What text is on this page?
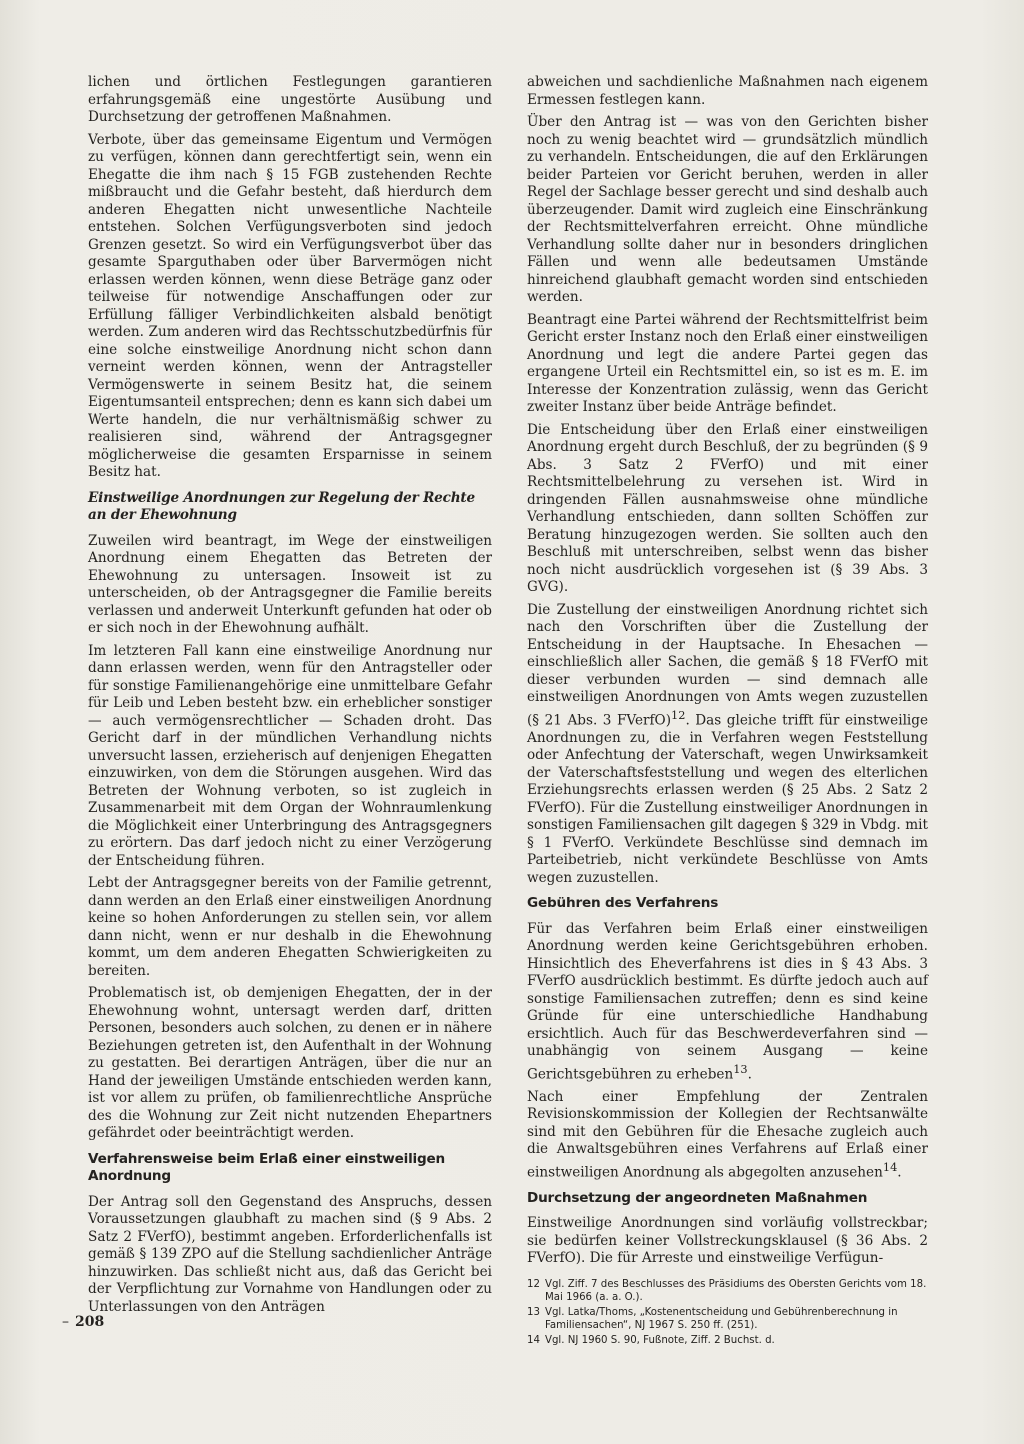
lichen und örtlichen Festlegungen garantieren erfahrungsgemäß eine ungestörte Ausübung und Durchsetzung der getroffenen Maßnahmen.

Verbote, über das gemeinsame Eigentum und Vermögen zu verfügen, können dann gerechtfertigt sein, wenn ein Ehegatte die ihm nach § 15 FGB zustehenden Rechte mißbraucht und die Gefahr besteht, daß hierdurch dem anderen Ehegatten nicht unwesentliche Nachteile entstehen. Solchen Verfügungsverboten sind jedoch Grenzen gesetzt. So wird ein Verfügungsverbot über das gesamte Sparguthaben oder über Barvermögen nicht erlassen werden können, wenn diese Beträge ganz oder teilweise für notwendige Anschaffungen oder zur Erfüllung fälliger Verbindlichkeiten alsbald benötigt werden. Zum anderen wird das Rechtsschutzbedürfnis für eine solche einstweilige Anordnung nicht schon dann verneint werden können, wenn der Antragsteller Vermögenswerte in seinem Besitz hat, die seinem Eigentumsanteil entsprechen; denn es kann sich dabei um Werte handeln, die nur verhältnismäßig schwer zu realisieren sind, während der Antragsgegner möglicherweise die gesamten Ersparnisse in seinem Besitz hat.

Einstweilige Anordnungen zur Regelung der Rechte an der Ehewohnung

Zuweilen wird beantragt, im Wege der einstweiligen Anordnung einem Ehegatten das Betreten der Ehewohnung zu untersagen. Insoweit ist zu unterscheiden, ob der Antragsgegner die Familie bereits verlassen und anderweit Unterkunft gefunden hat oder ob er sich noch in der Ehewohnung aufhält.

Im letzteren Fall kann eine einstweilige Anordnung nur dann erlassen werden, wenn für den Antragsteller oder für sonstige Familienangehörige eine unmittelbare Gefahr für Leib und Leben besteht bzw. ein erheblicher sonstiger — auch vermögensrechtlicher — Schaden droht. Das Gericht darf in der mündlichen Verhandlung nichts unversucht lassen, erzieherisch auf denjenigen Ehegatten einzuwirken, von dem die Störungen ausgehen. Wird das Betreten der Wohnung verboten, so ist zugleich in Zusammenarbeit mit dem Organ der Wohnraumlenkung die Möglichkeit einer Unterbringung des Antragsgegners zu erörtern. Das darf jedoch nicht zu einer Verzögerung der Entscheidung führen.

Lebt der Antragsgegner bereits von der Familie getrennt, dann werden an den Erlaß einer einstweiligen Anordnung keine so hohen Anforderungen zu stellen sein, vor allem dann nicht, wenn er nur deshalb in die Ehewohnung kommt, um dem anderen Ehegatten Schwierigkeiten zu bereiten.

Problematisch ist, ob demjenigen Ehegatten, der in der Ehewohnung wohnt, untersagt werden darf, dritten Personen, besonders auch solchen, zu denen er in nähere Beziehungen getreten ist, den Aufenthalt in der Wohnung zu gestatten. Bei derartigen Anträgen, über die nur an Hand der jeweiligen Umstände entschieden werden kann, ist vor allem zu prüfen, ob familienrechtliche Ansprüche des die Wohnung zur Zeit nicht nutzenden Ehepartners gefährdet oder beeinträchtigt werden.

Verfahrensweise beim Erlaß einer einstweiligen Anordnung

Der Antrag soll den Gegenstand des Anspruchs, dessen Voraussetzungen glaubhaft zu machen sind (§ 9 Abs. 2 Satz 2 FVerfO), bestimmt angeben. Erforderlichenfalls ist gemäß § 139 ZPO auf die Stellung sachdienlicher Anträge hinzuwirken. Das schließt nicht aus, daß das Gericht bei der Verpflichtung zur Vornahme von Handlungen oder zu Unterlassungen von den Anträgen

abweichen und sachdienliche Maßnahmen nach eigenem Ermessen festlegen kann.

Über den Antrag ist — was von den Gerichten bisher noch zu wenig beachtet wird — grundsätzlich mündlich zu verhandeln. Entscheidungen, die auf den Erklärungen beider Parteien vor Gericht beruhen, werden in aller Regel der Sachlage besser gerecht und sind deshalb auch überzeugender. Damit wird zugleich eine Einschränkung der Rechtsmittelverfahren erreicht. Ohne mündliche Verhandlung sollte daher nur in besonders dringlichen Fällen und wenn alle bedeutsamen Umstände hinreichend glaubhaft gemacht worden sind entschieden werden.

Beantragt eine Partei während der Rechtsmittelfrist beim Gericht erster Instanz noch den Erlaß einer einstweiligen Anordnung und legt die andere Partei gegen das ergangene Urteil ein Rechtsmittel ein, so ist es m. E. im Interesse der Konzentration zulässig, wenn das Gericht zweiter Instanz über beide Anträge befindet.

Die Entscheidung über den Erlaß einer einstweiligen Anordnung ergeht durch Beschluß, der zu begründen (§ 9 Abs. 3 Satz 2 FVerfO) und mit einer Rechtsmittelbelehrung zu versehen ist. Wird in dringenden Fällen ausnahmsweise ohne mündliche Verhandlung entschieden, dann sollten Schöffen zur Beratung hinzugezogen werden. Sie sollten auch den Beschluß mit unterschreiben, selbst wenn das bisher noch nicht ausdrücklich vorgesehen ist (§ 39 Abs. 3 GVG).

Die Zustellung der einstweiligen Anordnung richtet sich nach den Vorschriften über die Zustellung der Entscheidung in der Hauptsache. In Ehesachen — einschließlich aller Sachen, die gemäß § 18 FVerfO mit dieser verbunden wurden — sind demnach alle einstweiligen Anordnungen von Amts wegen zuzustellen (§ 21 Abs. 3 FVerfO)$^{12}$. Das gleiche trifft für einstweilige Anordnungen zu, die in Verfahren wegen Feststellung oder Anfechtung der Vaterschaft, wegen Unwirksamkeit der Vaterschaftsfeststellung und wegen des elterlichen Erziehungsrechts erlassen werden (§ 25 Abs. 2 Satz 2 FVerfO). Für die Zustellung einstweiliger Anordnungen in sonstigen Familiensachen gilt dagegen § 329 in Vbdg. mit § 1 FVerfO. Verkündete Beschlüsse sind demnach im Parteibetrieb, nicht verkündete Beschlüsse von Amts wegen zuzustellen.

Gebühren des Verfahrens

Für das Verfahren beim Erlaß einer einstweiligen Anordnung werden keine Gerichtsgebühren erhoben. Hinsichtlich des Eheverfahrens ist dies in § 43 Abs. 3 FVerfO ausdrücklich bestimmt. Es dürfte jedoch auch auf sonstige Familiensachen zutreffen; denn es sind keine Gründe für eine unterschiedliche Handhabung ersichtlich. Auch für das Beschwerdeverfahren sind — unabhängig von seinem Ausgang — keine Gerichtsgebühren zu erheben$^{13}$.

Nach einer Empfehlung der Zentralen Revisionskommission der Kollegien der Rechtsanwälte sind mit den Gebühren für die Ehesache zugleich auch die Anwaltsgebühren eines Verfahrens auf Erlaß einer einstweiligen Anordnung als abgegolten anzusehen$^{14}$.

Durchsetzung der angeordneten Maßnahmen

Einstweilige Anordnungen sind vorläufig vollstreckbar; sie bedürfen keiner Vollstreckungsklausel (§ 36 Abs. 2 FVerfO). Die für Arreste und einstweilige Verfügun-

12 Vgl. Ziff. 7 des Beschlusses des Präsidiums des Obersten Gerichts vom 18. Mai 1966 (a. a. O.).
13 Vgl. Latka/Thoms, „Kostenentscheidung und Gebührenberechnung in Familiensachen“, NJ 1967 S. 250 ff. (251).
14 Vgl. NJ 1960 S. 90, Fußnote, Ziff. 2 Buchst. d.
– 208
